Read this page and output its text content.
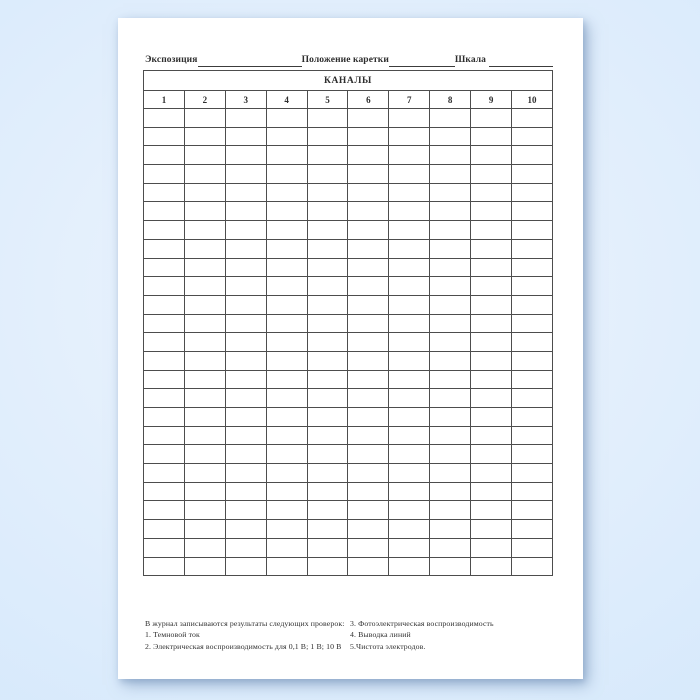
Экспозиция	Положение каретки	Шкала
КАНАЛЫ									
1	2	3	4	5	6	7	8	9	10

В журнал записываются результаты следующих проверок:
1. Темновой ток
2. Электрическая воспроизводимость для 0,1 В; 1 В; 10 В
3. Фотоэлектрическая воспроизводимость
4. Выводка линий
5.Чистота электродов.
